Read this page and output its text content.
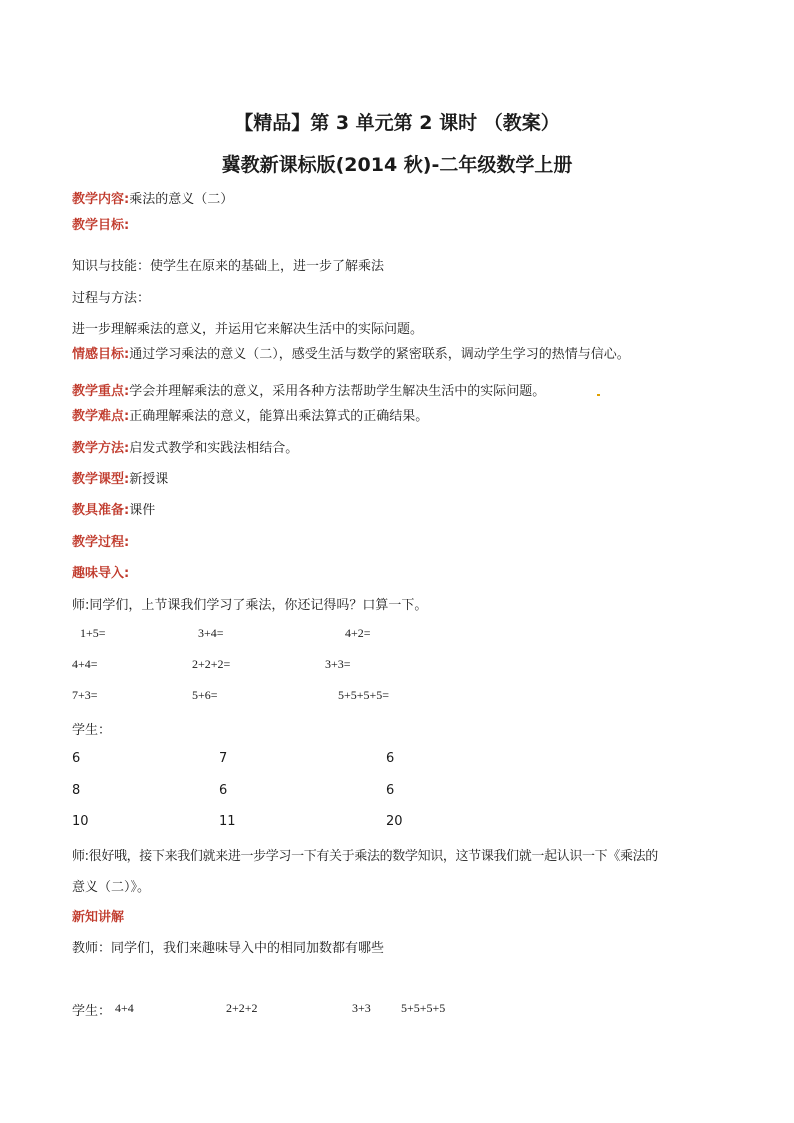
【精品】第 3 单元第 2 课时 （教案）
冀教新课标版(2014 秋)-二年级数学上册
教学内容:乘法的意义（二）
教学目标:
知识与技能：使学生在原来的基础上，进一步了解乘法
过程与方法：
进一步理解乘法的意义，并运用它来解决生活中的实际问题。
情感目标:通过学习乘法的意义（二），感受生活与数学的紧密联系，调动学生学习的热情与信心。
教学重点:学会并理解乘法的意义，采用各种方法帮助学生解决生活中的实际问题。
教学难点:正确理解乘法的意义，能算出乘法算式的正确结果。
教学方法:启发式教学和实践法相结合。
教学课型:新授课
教具准备:课件
教学过程:
趣味导入:
师:同学们，上节课我们学习了乘法，你还记得吗？口算一下。
1+5=	3+4=	4+2=
4+4=	2+2+2=	3+3=
7+3=	5+6=	5+5+5+5=
学生：
6	7	6
8	6	6
10	11	20
师:很好哦，接下来我们就来进一步学习一下有关于乘法的数学知识，这节课我们就一起认识一下《乘法的
意义（二）》。
新知讲解
教师：同学们，我们来趣味导入中的相同加数都有哪些
学生： 4+4	2+2+2	3+3	5+5+5+5
